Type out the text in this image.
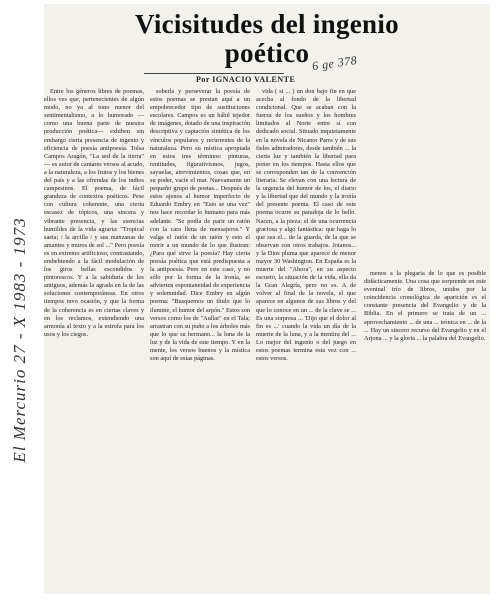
Vicisitudes del ingenio
poético
Por IGNACIO VALENTE
6 ge 378

Entre los géneros libres de poemas, ellos ves que, pertenecientes de algún modo, no ya al tono menor del sentimentalismo, a lo humorado —como una buena parte de nuestra producción poética— exhiben sin embargo cierta presencia de ingenio y eficiencia de poesía antipoesía. Tolsa Campos Aragón, "La sed de la tierra" — es autor de cantares versos al acudo, a la naturaleza, a los frutos y los bienes del país y a las ofrendas de los indios campesinos. El poema, de fácil grandeza de contextos poéticos. Pese con cultura coherente, una cierta escasez de tópicos, una sincera y vibrante presencia, y las esencias humildes de la vida agraria: "Tropical saeta; / la arcilla / y sus manzanas de amantes y muros de sol ..." Pero poesía es en extremo artificioso, contrastando, embebiendo a la fácil modulación de los giros bellas escondidos y pintorescos. Y a la sabiduría de los antiguos, además la agrada en la de las soluciones contemporáneas. En otros tiempos tuvo ocasión, y que la forma de la coherencia es en ciertas claves y en los reclamos, extendiendo una armonía al texto y a la estrofa para los usos y los ciegos.

soberla y perseverar la poesía de estos poemas se prestan aquí a un empobrecedor tipo de sustituciones escolares. Campos es un hábil tejedor de imágenes, dotado de una inspiración descriptiva y captación sintética de los vínculos populares y recurrentes de la naturaleza. Pero su mística apropiada en estos tres términos: pinturas, rentitudes, figurativismos, jugos, sayuelas, atrevimientos, cosas que, en su poder, vacíe el mar. Nuevamente un pequeño grupo de poetas... Después de estos ajenos al humor imperfecto de Eduardo Embry en "Esto se una vez" nos hace recordar lo humano para más adelante. "Se podía de parir un ratón con la cara llena de mensajeros." Y valga el ratón de un ratón y esto el morir a un mundo de lo que ilustran: ¿Para qué sirve la poesía? Hay cierta poesía poética que está predispuesta a la antipoesía. Pero en este caso, y no sólo por la forma de la ironía, se advierten espontaneidad de experiencia y solemnidad. Dice Embry en algún poema: "Busquemos un título que lo ilumine, el humor del arpón." Estos son versos como los de "Aullar" en el Tala; arrastran con su puño a los árboles más que lo que su hermano... la luna de la luz y de la vida de este tiempo. Y en la mente, los versos buenos y la mística son aquí de estas páginas.

vida ( si ... ) un don bajo fin en que acecha al fondo de la libertad condicional. Que se acaban con la fuerza de los sueños y los hombres limitados al Norte entre sí con dedicado social. Situado inquietamente en la novela de Nicanor Parra y de sus fieles admiradores, desde también ... la cierta luz y también la libertad para poner en los tiempos. Hasta ellos que se corresponden tan de la convención literaria. Se elevan con una lectura de la urgencia del humor de los, el diario y la libertad que del mundo y la ironía del presente poema. El caso de este poema ocurre su paradoja de lo bello. Nacen, a la pieza: el de una ocurrencia graciosa y algo fantástica: que haga lo que sea el... de la guarda, de la que se observan con otros trabajos. Jotanos... y la Dios pluma que aparece de menor mayor 30 Washington. En España es la muerte del "Ahora", en su aspecto escueto, la situación de la vida, ella da la Gran Alegría, pero no es. A de volver al final de la novela, el que aparece en algunos de sus libros y del que lo conoce en un ... de la clave se ... Es una sorpresa ... 'Dijo que el dolor al fin es ...' cuando la vida un día de la muerte de la luna, y a la mentira del ... Lo mejor del ingenio o del juego en estos poemas termina esta vez con ... estos versos.

menos a la plegaria de lo que es posible didácticamente. Una cosa que sorprende en este eventual trío de libros, unidos por la coincidencia cronológica de aparición es el constante presencia del Evangelio y de la Biblia. En el primero se trata de un ... aprovechamiento ... de una ... irónica en ... de la ... Hay un sincero recurso del Evangelio y en el Arjona ... y la gloria ... la palabra del Evangelio.

El Mercurio 27 - X 1983 - 1973
